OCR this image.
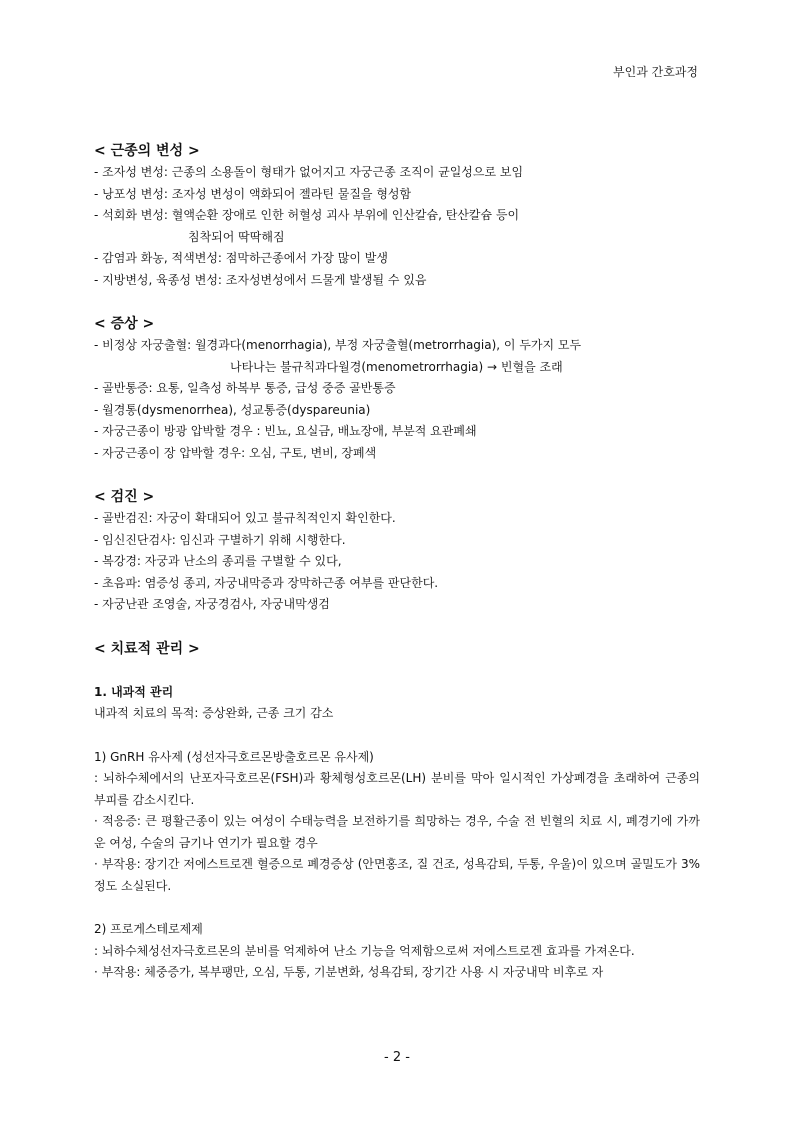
부인과 간호과정

< 근종의 변성 >

- 조자성 변성: 근종의 소용돌이 형태가 없어지고 자궁근종 조직이 균일성으로 보임

- 낭포성 변성: 조자성 변성이 액화되어 젤라틴 물질을 형성함

- 석회화 변성: 혈액순환 장애로 인한 허혈성 괴사 부위에 인산칼슘, 탄산칼슘 등이

침착되어 딱딱해짐

- 감염과 화농, 적색변성: 점막하근종에서 가장 많이 발생

- 지방변성, 육종성 변성: 조자성변성에서 드물게 발생될 수 있음

< 증상 >

- 비정상 자궁출혈: 월경과다(menorrhagia), 부정 자궁출혈(metrorrhagia), 이 두가지 모두

나타나는 불규칙과다월경(menometrorrhagia) → 빈혈을 조래

- 골반통증: 요통, 일측성 하복부 통증, 급성 중증 골반통증

- 월경통(dysmenorrhea), 성교통증(dyspareunia)

- 자궁근종이 방광 압박할 경우 : 빈뇨, 요실금, 배뇨장애, 부분적 요관폐쇄

- 자궁근종이 장 압박할 경우: 오심, 구토, 변비, 장폐색

< 검진 >

- 골반검진: 자궁이 확대되어 있고 불규칙적인지 확인한다.

- 임신진단검사: 임신과 구별하기 위해 시행한다.

- 복강경: 자궁과 난소의 종괴를 구별할 수 있다,

- 초음파: 염증성 종괴, 자궁내막증과 장막하근종 여부를 판단한다.

- 자궁난관 조영술, 자궁경검사, 자궁내막생검

< 치료적 관리 >

1. 내과적 관리

내과적 치료의 목적: 증상완화, 근종 크기 감소

1) GnRH 유사제 (성선자극호르몬방출호르몬 유사제)

: 뇌하수체에서의 난포자극호르몬(FSH)과 황체형성호르몬(LH) 분비를 막아 일시적인 가상폐경을 초래하여 근종의 부피를 감소시킨다.

· 적응증: 큰 평활근종이 있는 여성이 수태능력을 보전하기를 희망하는 경우, 수술 전 빈혈의 치료 시, 폐경기에 가까운 여성, 수술의 금기나 연기가 필요할 경우

· 부작용: 장기간 저에스트로겐 혈증으로 폐경증상 (안면홍조, 질 건조, 성욕감퇴, 두통, 우울)이 있으며 골밀도가 3% 정도 소실된다.

2) 프로게스테로제제

: 뇌하수체성선자극호르몬의 분비를 억제하여 난소 기능을 억제함으로써 저에스트로겐 효과를 가져온다.

· 부작용: 체중증가, 복부팽만, 오심, 두통, 기분변화, 성욕감퇴, 장기간 사용 시 자궁내막 비후로 자

- 2 -
